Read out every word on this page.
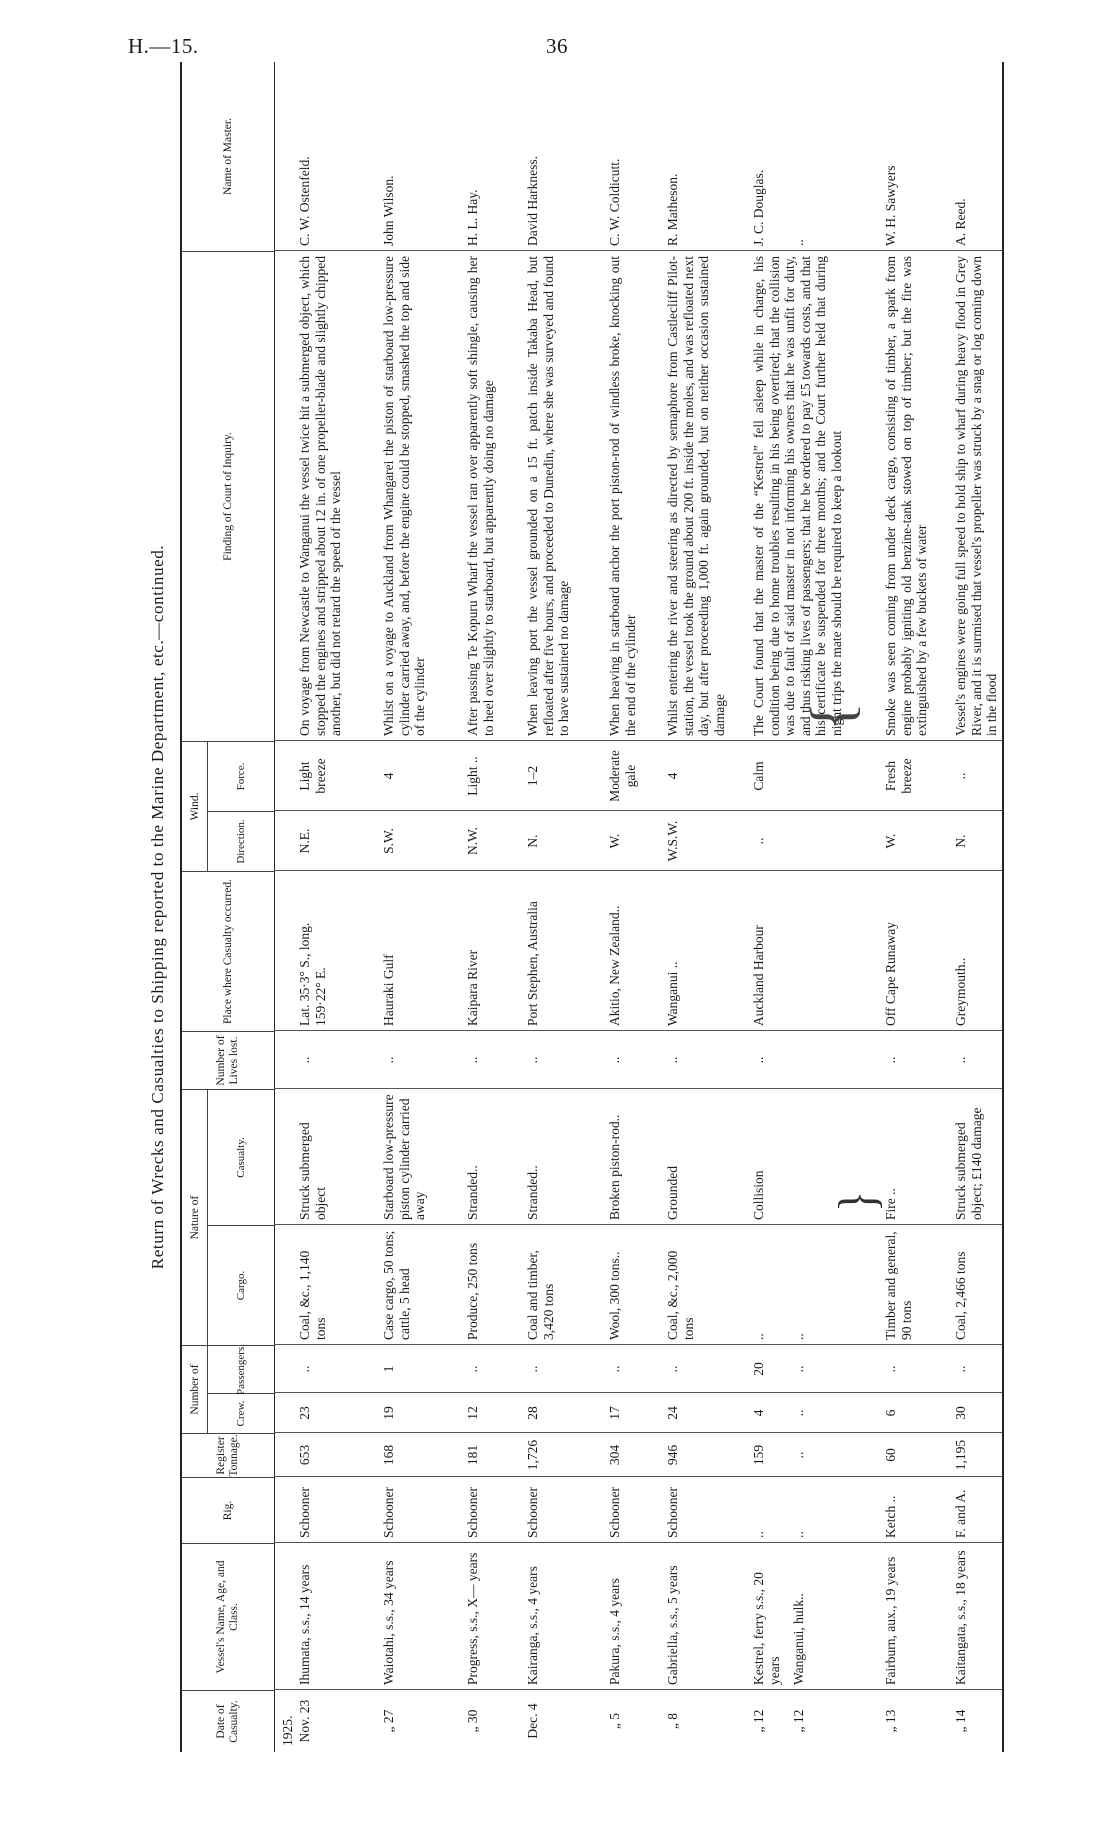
H.—15.	36
Return of Wrecks and Casualties to Shipping reported to the Marine Department, etc.—continued.
Date of Casualty.
Vessel's Name, Age, and Class.
Rig.
Register Tonnage.
Number of	Crew.
Passengers.
Nature of
Cargo.
Casualty.
Number of Lives lost.
Place where Casualty occurred.
Wind.
Direction.
Force.
Finding of Court of Inquiry.
Name of Master.
1925. Nov. 23
Ihumata, s.s., 14 years
Schooner
653
23
..
Coal, &c., 1,140 tons
Struck submerged object
..
Lat. 35·3° S., long. 159·22° E.
N.E.
Light breeze
On voyage from Newcastle to Wanganui the vessel twice hit a submerged object, which stopped the engines and stripped about 12 in. of one propeller-blade and slightly chipped another, but did not retard the speed of the vessel
C. W. Ostenfeld.
„ 27
Waiotahi, s.s., 34 years
Schooner
168
19
1
Case cargo, 50 tons; cattle, 5 head
Starboard low-pressure piston cylinder carried away
..
Hauraki Gulf
S.W.
4
Whilst on a voyage to Auckland from Whangarei the piston of starboard low-pressure cylinder carried away, and, before the engine could be stopped, smashed the top and side of the cylinder
John Wilson.
„ 30
Progress, s.s., X— years
Schooner
181
12
..
Produce, 250 tons
Stranded..
..
Kaipara River
N.W.
Light ..
After passing Te Kopuru Wharf the vessel ran over apparently soft shingle, causing her to heel over slightly to starboard, but apparently doing no damage
H. L. Hay.
Dec. 4
Kairanga, s.s., 4 years
Schooner
1,726
28
..
Coal and timber, 3,420 tons
Stranded..
..
Port Stephen, Australia
N.
1–2
When leaving port the vessel grounded on a 15 ft. patch inside Takaba Head, but refloated after five hours, and proceeded to Dunedin, where she was surveyed and found to have sustained no damage
David Harkness.
„ 5
Pakura, s.s., 4 years
Schooner
304
17
..
Wool, 300 tons..
Broken piston-rod..
..
Akitio, New Zealand..
W.
Moderate gale
When heaving in starboard anchor the port piston-rod of windless broke, knocking out the end of the cylinder
C. W. Coldicutt.
„ 8
Gabriella, s.s., 5 years
Schooner
946
24
..
Coal, &c., 2,000 tons
Grounded
..
Wanganui ..
W.S.W.
4
Whilst entering the river and steering as directed by semaphore from Castlecliff Pilot-station, the vessel took the ground about 200 ft. inside the moles, and was refloated next day, but after proceeding 1,000 ft. again grounded, but on neither occasion sustained damage
R. Matheson.
„ 12
Kestrel, ferry s.s., 20 years
..
159
4
20
..
Collision
..
Auckland Harbour
..
Calm
The Court found that the master of the “Kestrel” fell asleep while in charge, his condition being due to home troubles resulting in his being overtired; that the collision was due to fault of said master in not informing his owners that he was unfit for duty, and thus risking lives of passengers; that he be ordered to pay £5 towards costs, and that his certificate be suspended for three months; and the Court further held that during night trips the mate should be required to keep a lookout
J. C. Douglas.
„ 12
Wanganui, hulk..
..
..
..
..
..
..
„ 13
Fairburn, aux., 19 years
Ketch ..
60
6
..
Timber and general, 90 tons
Fire ..
..
Off Cape Runaway
W.
Fresh breeze
Smoke was seen coming from under deck cargo, consisting of timber, a spark from engine probably igniting old benzine-tank stowed on top of timber; but the fire was extinguished by a few buckets of water
W. H. Sawyers
„ 14
Kaitangata, s.s., 18 years
F. and A.
1,195
30
..
Coal, 2,466 tons
Struck submerged object; £140 damage
..
Greymouth..
N.
..
Vessel's engines were going full speed to hold ship to wharf during heavy flood in Grey River, and it is surmised that vessel's propeller was struck by a snag or log coming down in the flood
A. Reed.
}
{
